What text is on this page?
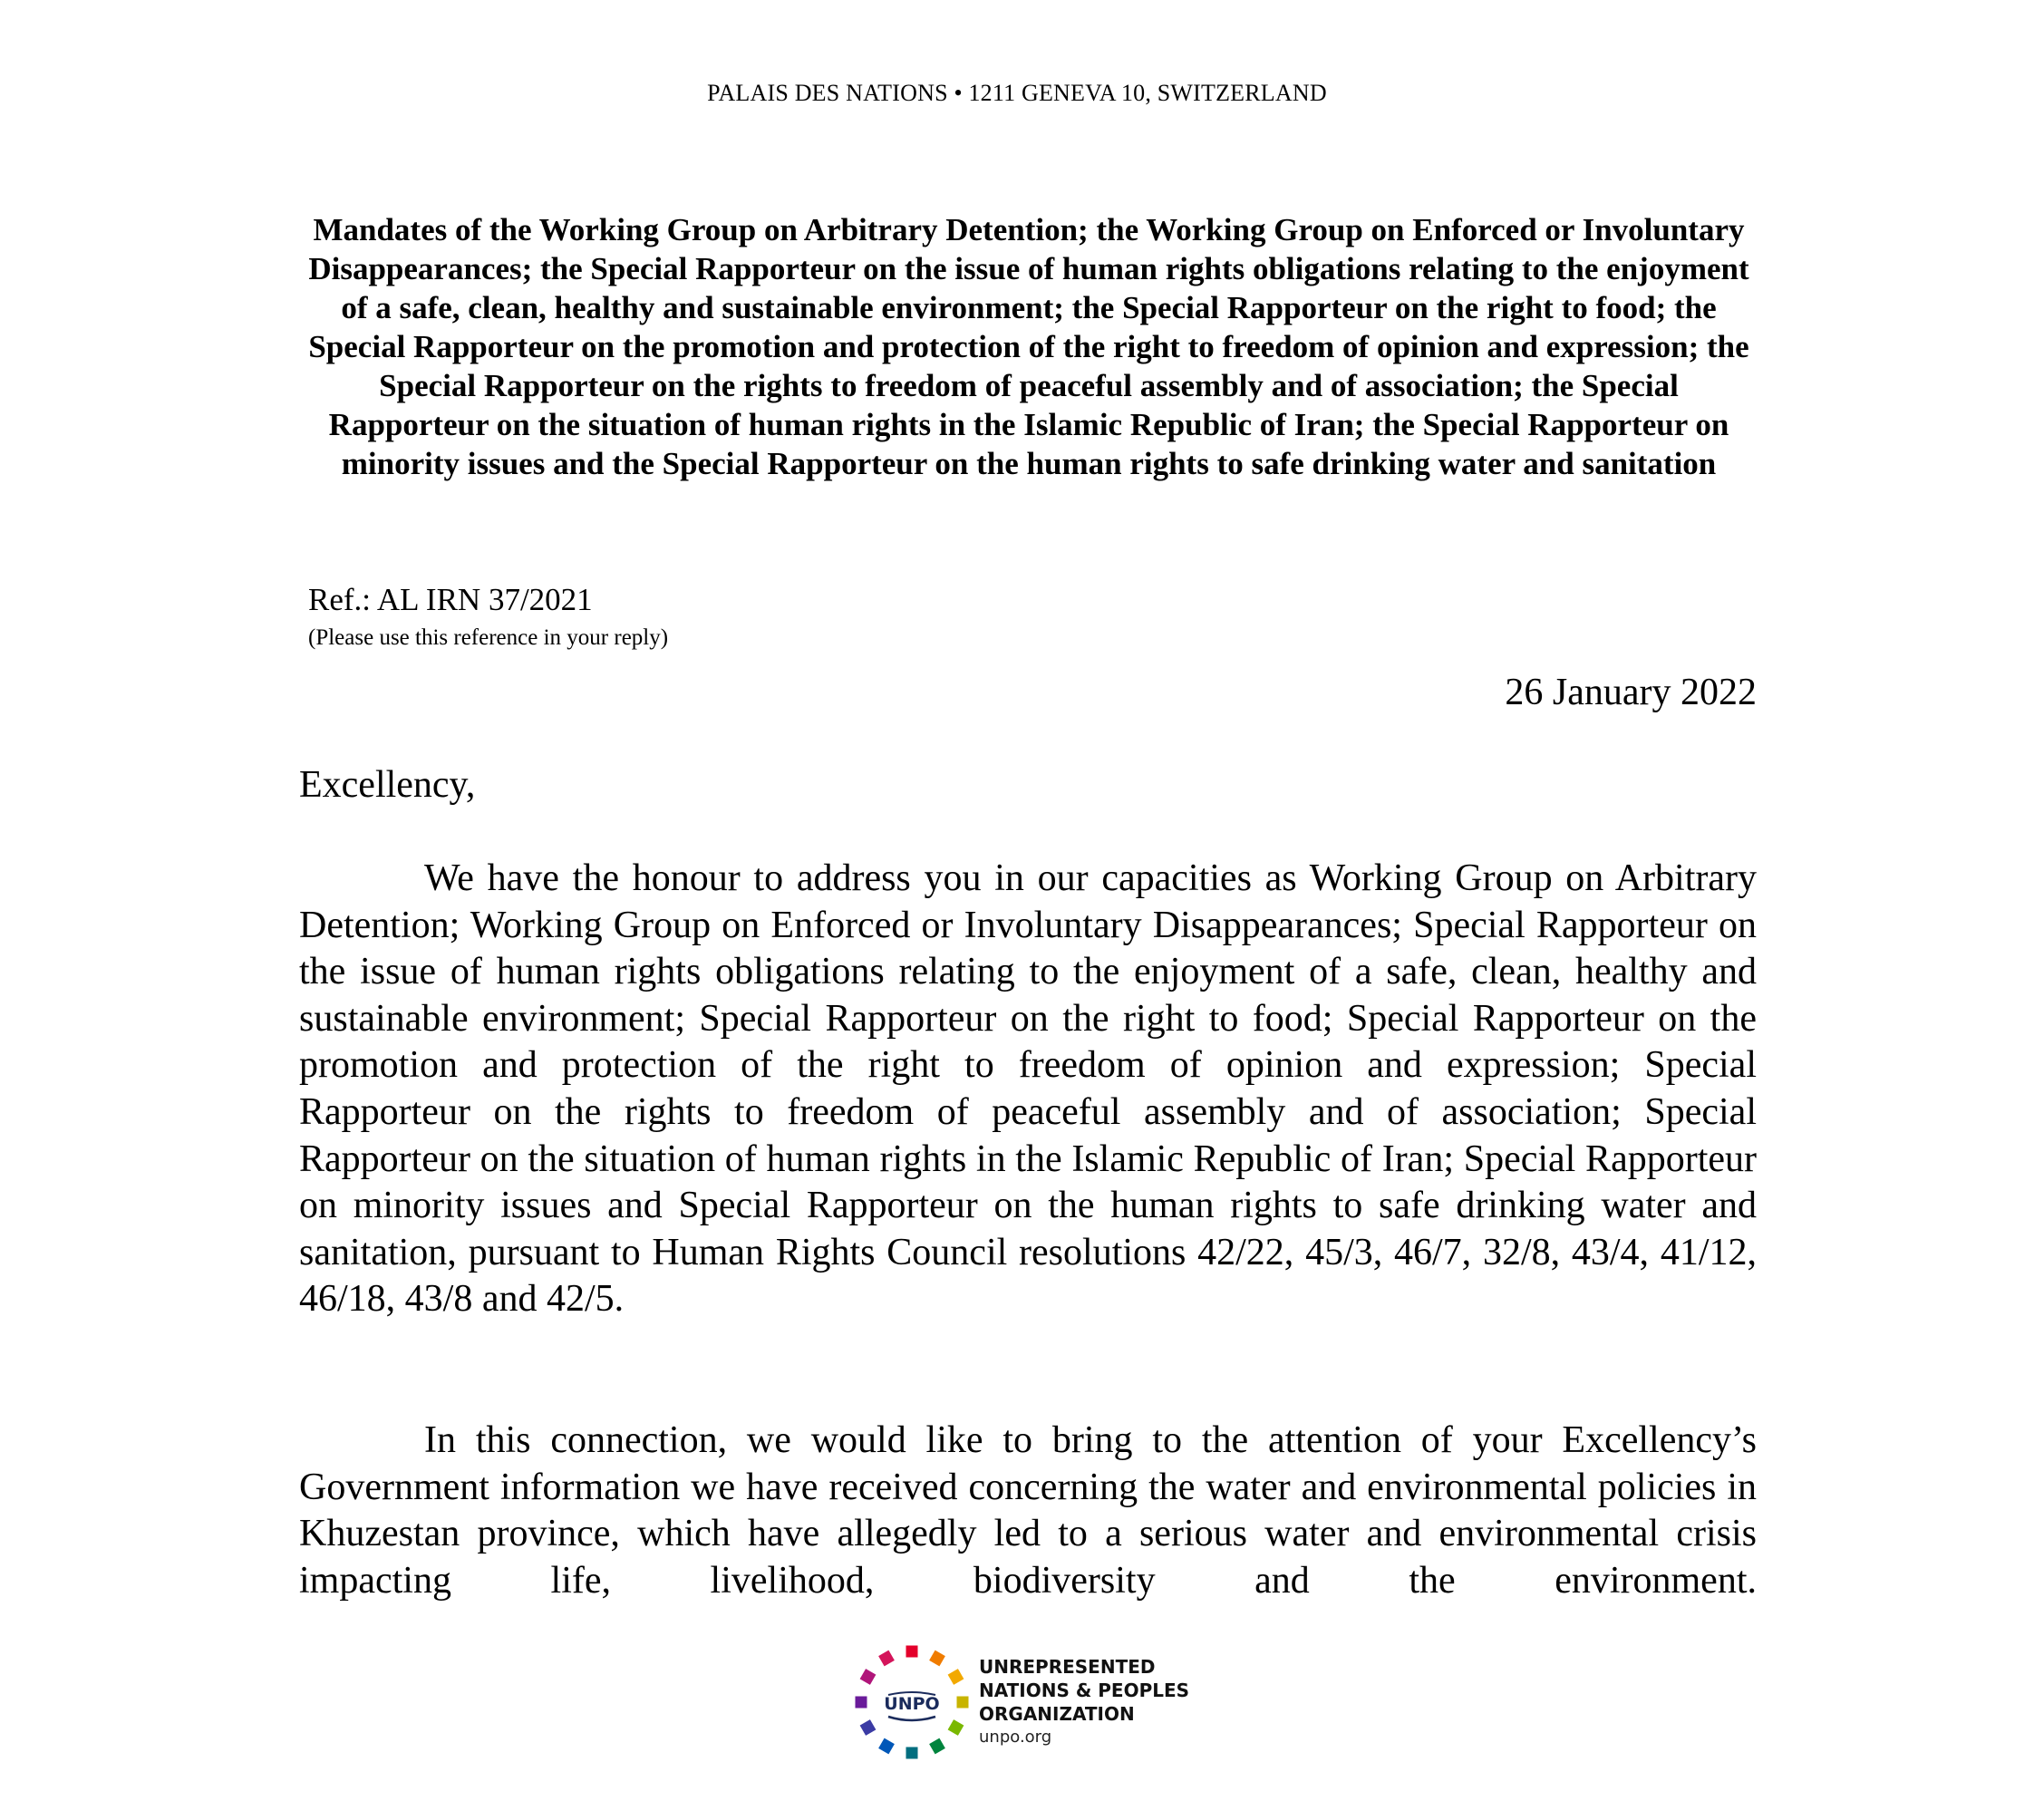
PALAIS DES NATIONS • 1211 GENEVA 10, SWITZERLAND

Mandates of the Working Group on Arbitrary Detention; the Working Group on Enforced or Involuntary Disappearances; the Special Rapporteur on the issue of human rights obligations relating to the enjoyment of a safe, clean, healthy and sustainable environment; the Special Rapporteur on the right to food; the Special Rapporteur on the promotion and protection of the right to freedom of opinion and expression; the Special Rapporteur on the rights to freedom of peaceful assembly and of association; the Special Rapporteur on the situation of human rights in the Islamic Republic of Iran; the Special Rapporteur on minority issues and the Special Rapporteur on the human rights to safe drinking water and sanitation

Ref.: AL IRN 37/2021
(Please use this reference in your reply)
26 January 2022
Excellency,

We have the honour to address you in our capacities as Working Group on Arbitrary Detention; Working Group on Enforced or Involuntary Disappearances; Special Rapporteur on the issue of human rights obligations relating to the enjoyment of a safe, clean, healthy and sustainable environment; Special Rapporteur on the right to food; Special Rapporteur on the promotion and protection of the right to freedom of opinion and expression; Special Rapporteur on the rights to freedom of peaceful assembly and of association; Special Rapporteur on the situation of human rights in the Islamic Republic of Iran; Special Rapporteur on minority issues and Special Rapporteur on the human rights to safe drinking water and sanitation, pursuant to Human Rights Council resolutions 42/22, 45/3, 46/7, 32/8, 43/4, 41/12, 46/18, 43/8 and 42/5.

In this connection, we would like to bring to the attention of your Excellency’s Government information we have received concerning the water and environmental policies in Khuzestan province, which have allegedly led to a serious water and environmental crisis impacting life, livelihood, biodiversity and the environment.

UNPO
UNREPRESENTED
NATIONS & PEOPLES
ORGANIZATION
unpo.org
